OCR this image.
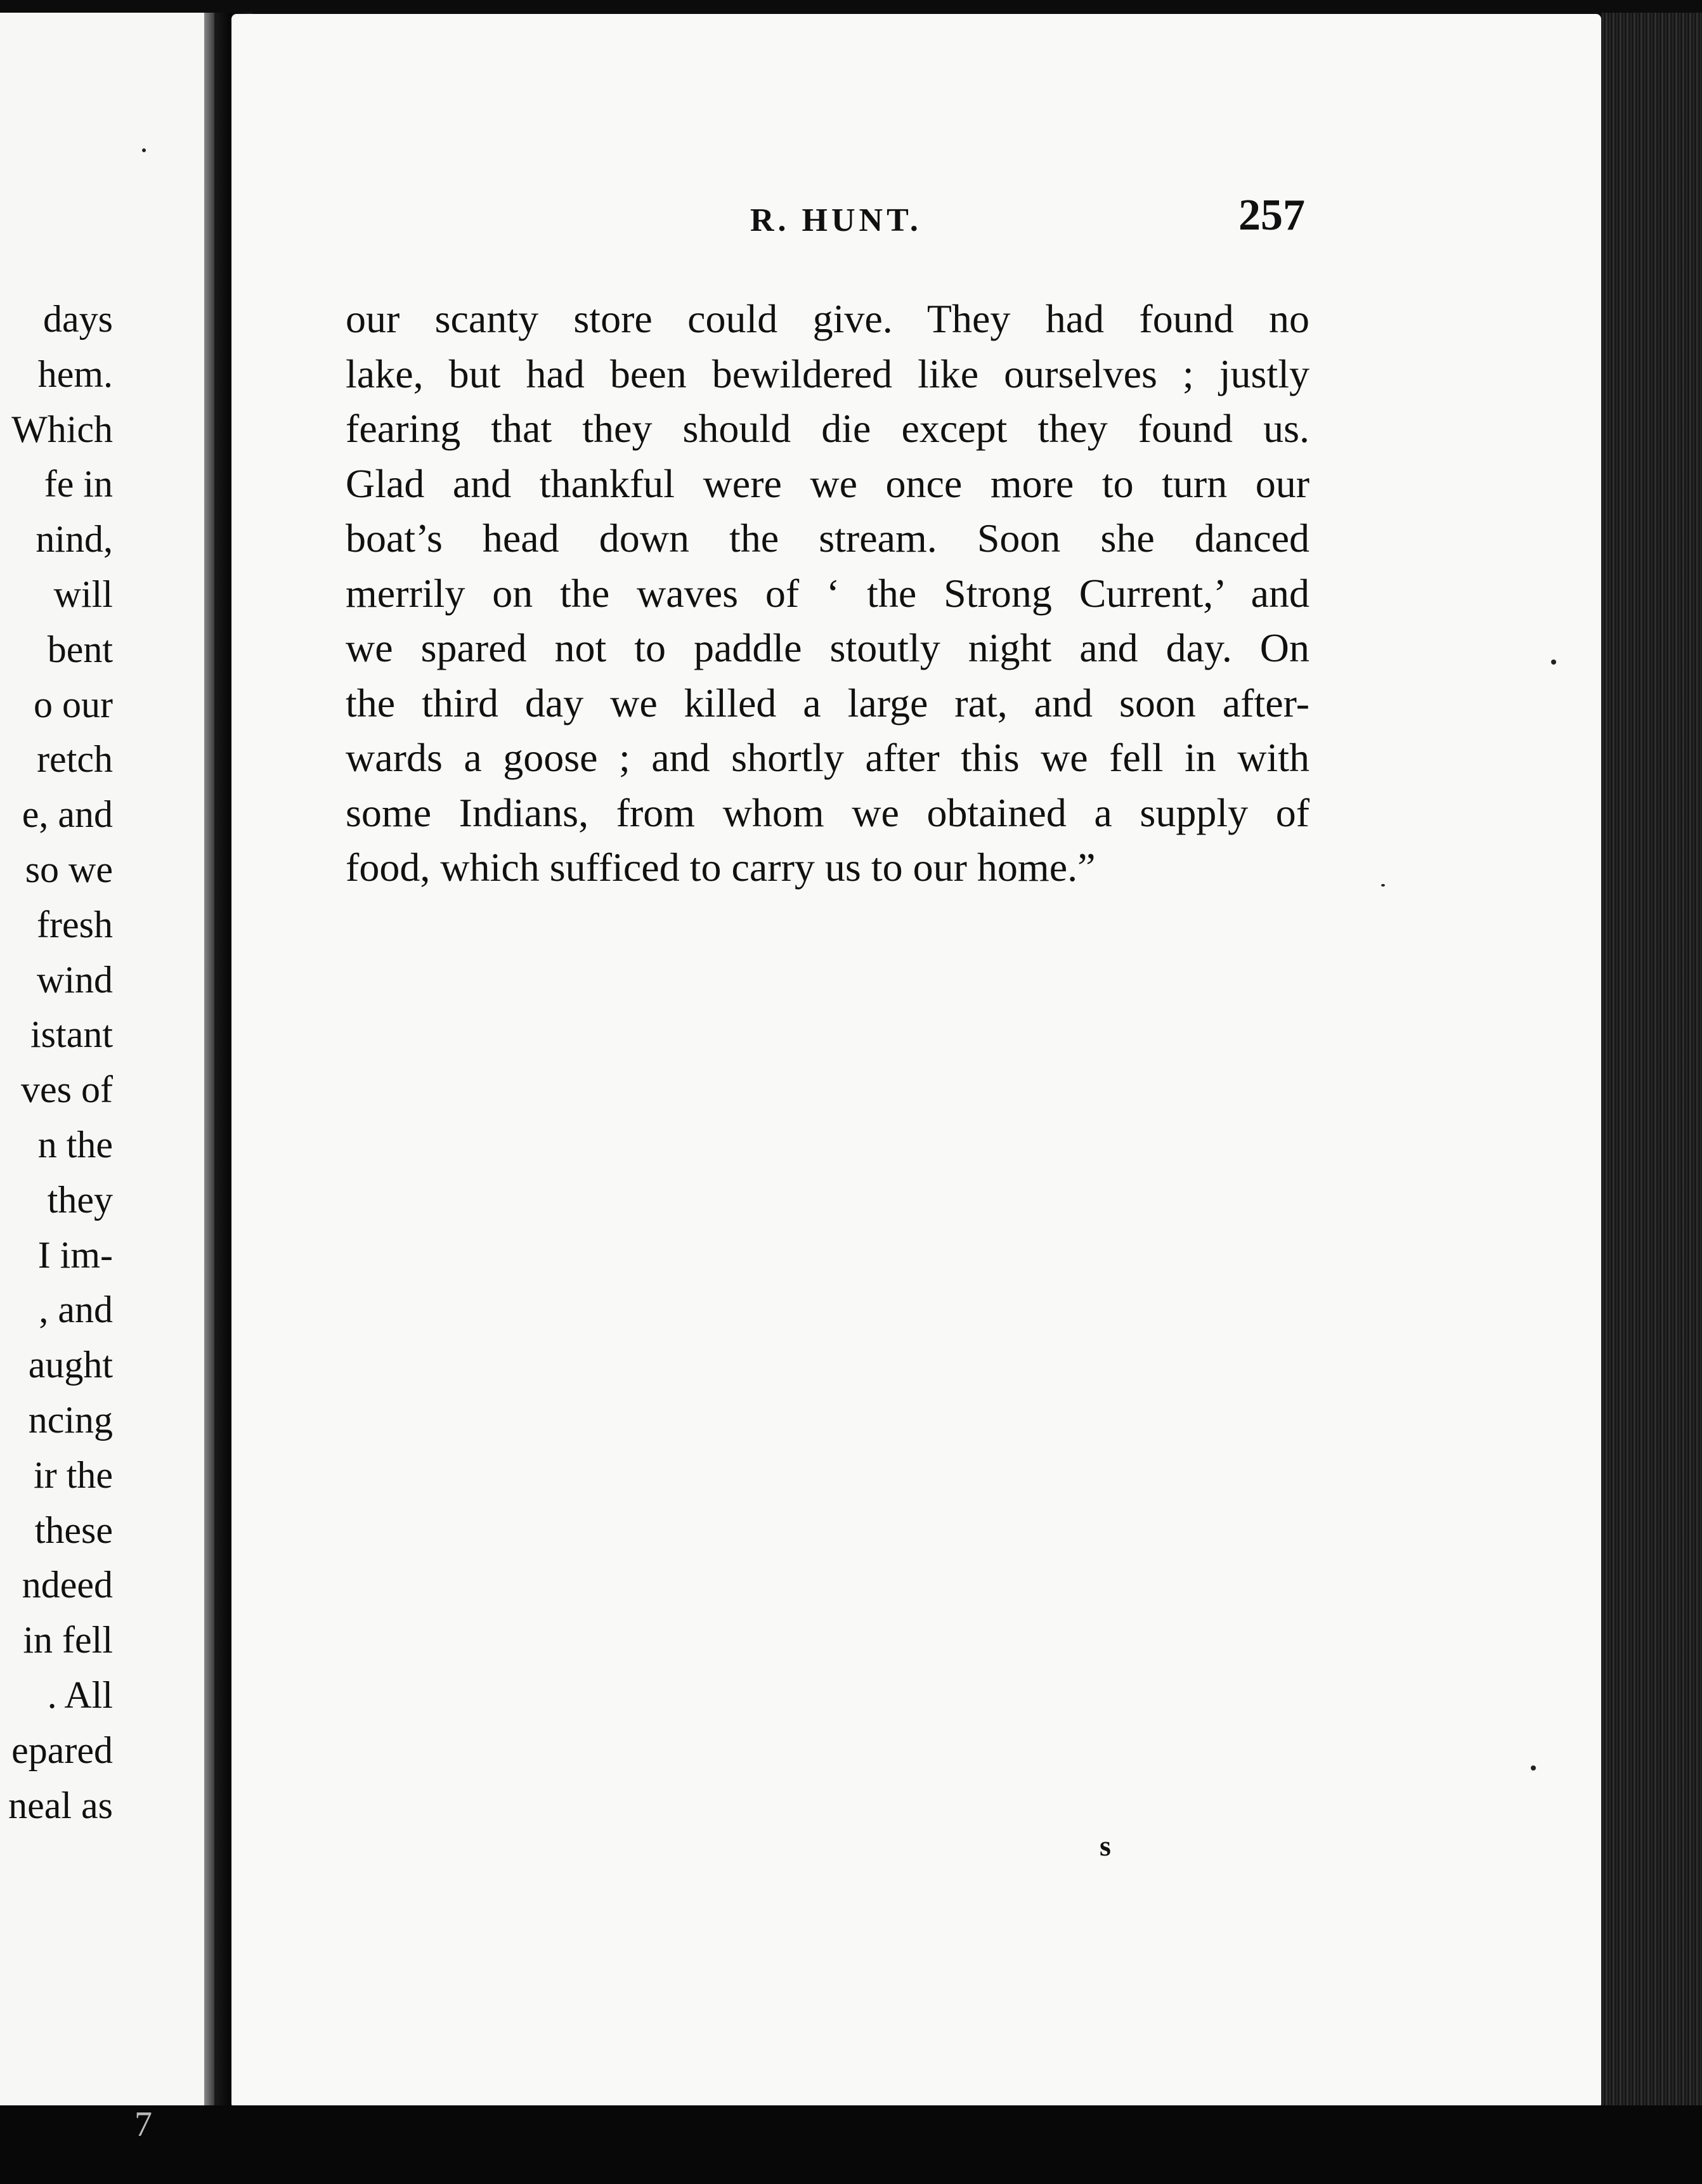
days
hem.
Which
fe in
nind,
will
bent
o our
retch
e, and
so we
fresh
wind
istant
ves of
n the
they
I im-
, and
aught
ncing
ir the
these
ndeed
in fell
. All
epared
neal as
R. HUNT.	257
our scanty store could give. They had found no
lake, but had been bewildered like ourselves ; justly
fearing that they should die except they found us.
Glad and thankful were we once more to turn our
boat’s head down the stream. Soon she danced
merrily on the waves of ‘ the Strong Current,’ and
we spared not to paddle stoutly night and day. On
the third day we killed a large rat, and soon after-
wards a goose ; and shortly after this we fell in with
some Indians, from whom we obtained a supply of
food, which sufficed to carry us to our home.”
s
7
